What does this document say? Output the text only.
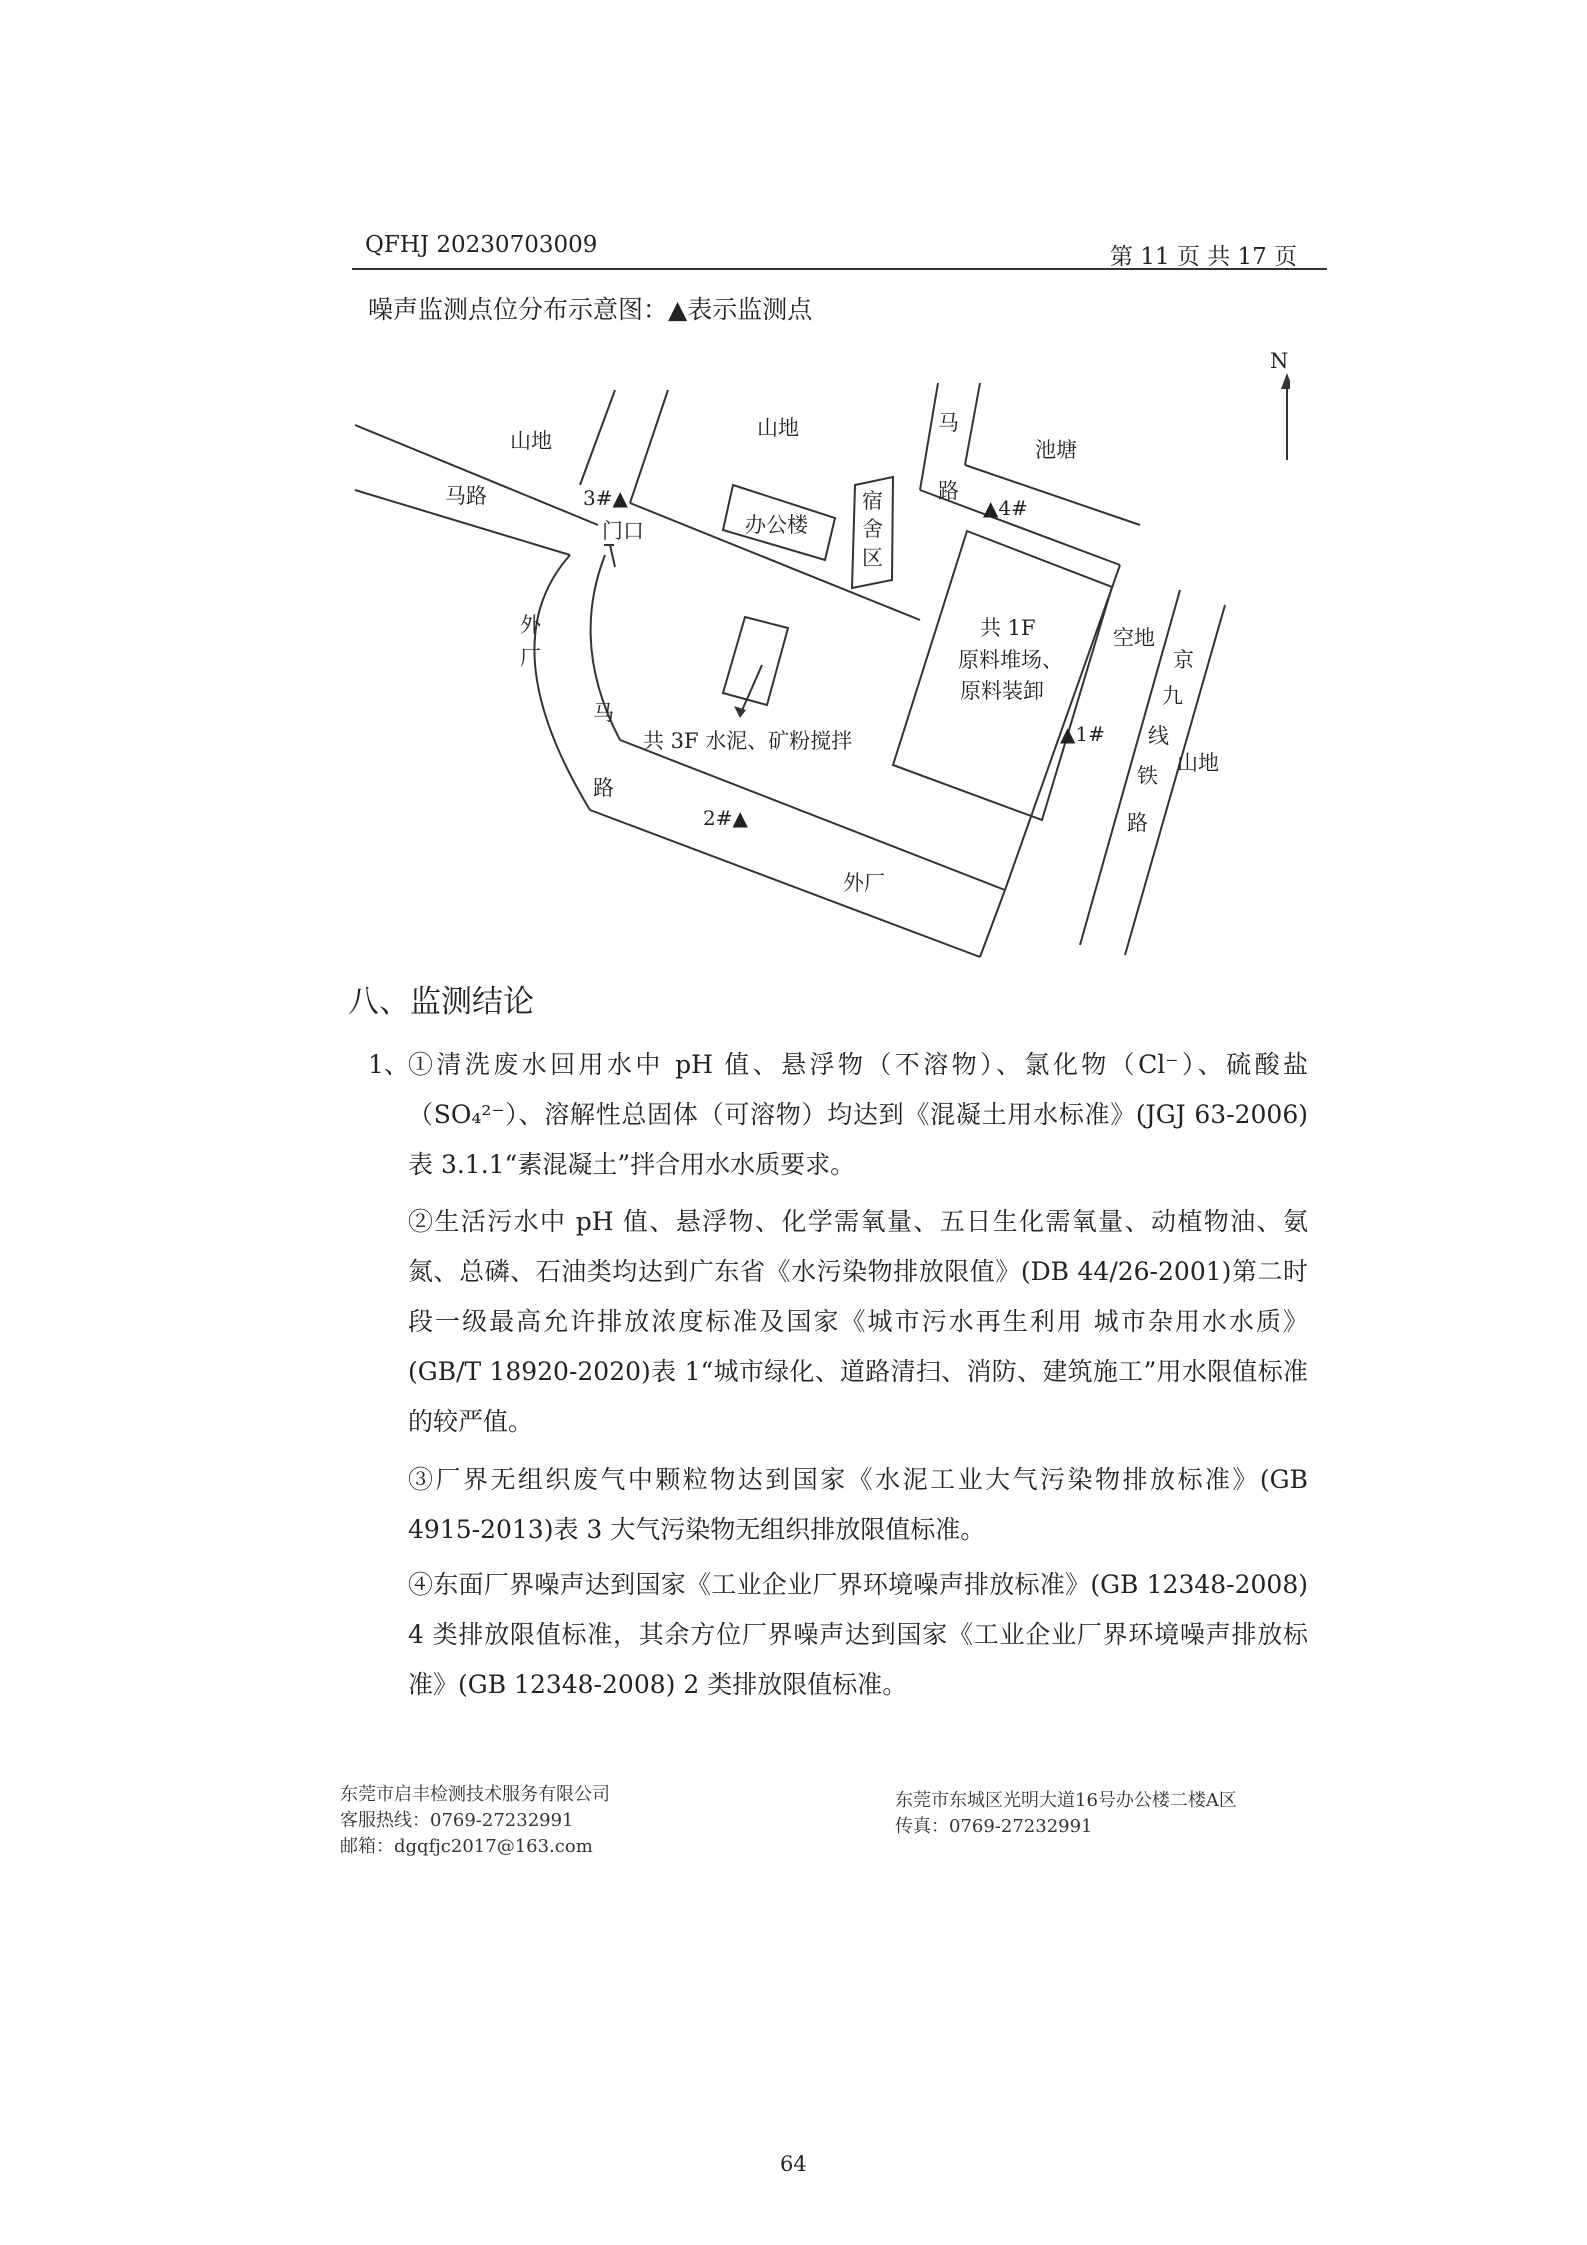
QFHJ 20230703009	第 11 页 共 17 页
噪声监测点位分布示意图：▲表示监测点
N
山地
山地
马路
马
路
池塘
办公楼
宿
舍
区
门口
外
厂
马
路
共 1F
原料堆场、
原料装卸
空地
共 3F 水泥、矿粉搅拌
京
九
线
铁
路
山地
外厂
▲1#
2#▲
3#▲	▲4#
八、监测结论
1、 ①清洗废水回用水中 pH 值、悬浮物（不溶物）、氯化物（Cl⁻）、硫酸盐（SO₄²⁻）、溶解性总固体（可溶物）均达到《混凝土用水标准》(JGJ 63-2006)表 3.1.1“素混凝土”拌合用水水质要求。
②生活污水中 pH 值、悬浮物、化学需氧量、五日生化需氧量、动植物油、氨氮、总磷、石油类均达到广东省《水污染物排放限值》(DB 44/26-2001)第二时段一级最高允许排放浓度标准及国家《城市污水再生利用 城市杂用水水质》(GB/T 18920-2020)表 1“城市绿化、道路清扫、消防、建筑施工”用水限值标准的较严值。
③厂界无组织废气中颗粒物达到国家《水泥工业大气污染物排放标准》(GB 4915-2013)表 3 大气污染物无组织排放限值标准。
④东面厂界噪声达到国家《工业企业厂界环境噪声排放标准》(GB 12348-2008) 4 类排放限值标准，其余方位厂界噪声达到国家《工业企业厂界环境噪声排放标准》(GB 12348-2008) 2 类排放限值标准。
东莞市启丰检测技术服务有限公司
客服热线：0769-27232991
邮箱：dgqfjc2017@163.com
东莞市东城区光明大道16号办公楼二楼A区
传真：0769-27232991
64
